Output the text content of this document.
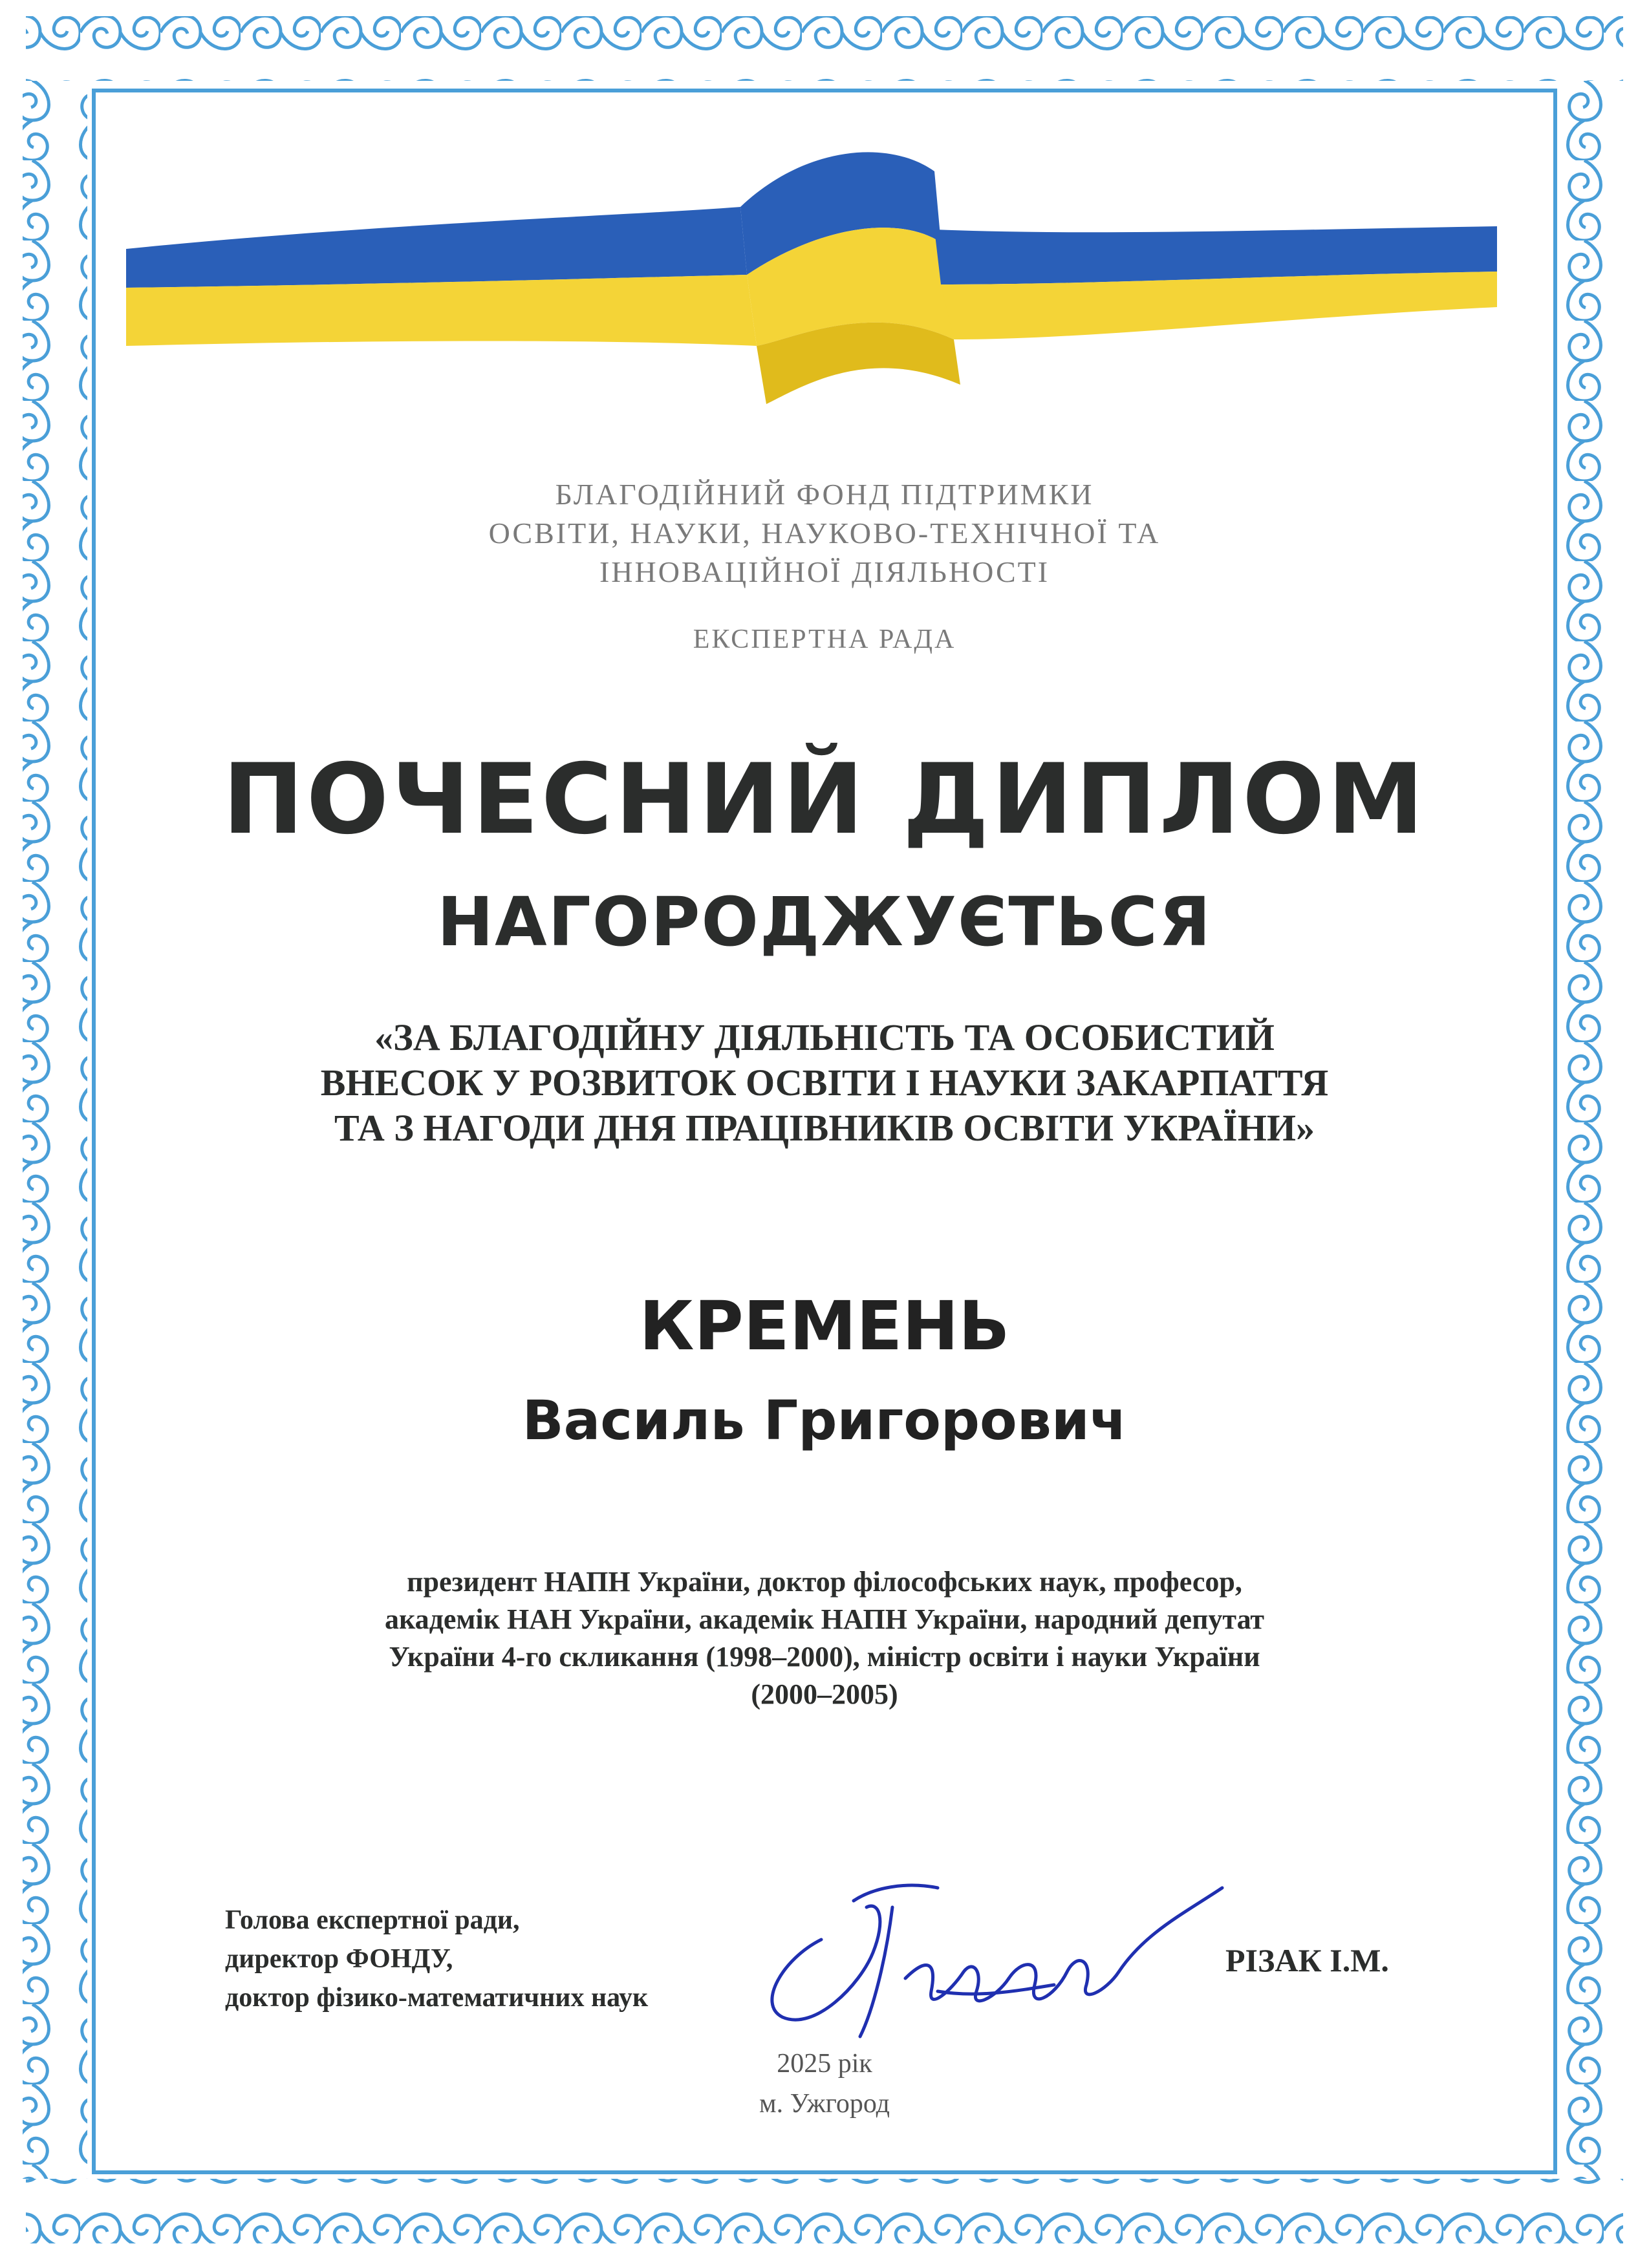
БЛАГОДІЙНИЙ ФОНД ПІДТРИМКИ
ОСВІТИ, НАУКИ, НАУКОВО-ТЕХНІЧНОЇ ТА
ІННОВАЦІЙНОЇ ДІЯЛЬНОСТІ
ЕКСПЕРТНА РАДА
ПОЧЕСНИЙ ДИПЛОМ
НАГОРОДЖУЄТЬСЯ
«ЗА БЛАГОДІЙНУ ДІЯЛЬНІСТЬ ТА ОСОБИСТИЙ
ВНЕСОК У РОЗВИТОК ОСВІТИ І НАУКИ ЗАКАРПАТТЯ
ТА З НАГОДИ ДНЯ ПРАЦІВНИКІВ ОСВІТИ УКРАЇНИ»
КРЕМЕНЬ
Василь Григорович
президент НАПН України, доктор філософських наук, професор,
академік НАН України, академік НАПН України, народний депутат
України 4-го скликання (1998–2000), міністр освіти і науки України
(2000–2005)
Голова експертної ради,
директор ФОНДУ,
доктор фізико-математичних наук
РІЗАК І.М.
2025 рік
м. Ужгород
